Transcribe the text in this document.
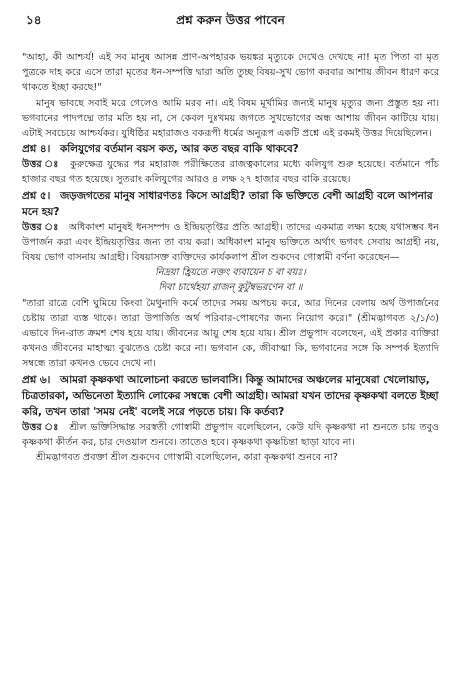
১৪	প্রশ্ন করুন উত্তর পাবেন

"আহা, কী আশ্চর্য! এই সব মানুষ আসন্ন প্রাণ-অপহারক ভয়ঙ্কর মৃত্যুকে দেখেও দেখছে না! মৃত পিতা বা মৃত পুত্রকে দাহ করে এসে তারা মৃতের ধন-সম্পত্তি দ্বারা অতি তুচ্ছ বিষয়-সুখ ভোগ করবার আশায় জীবন ধারণ করে থাকতে ইচ্ছা করছে!"

মানুষ ভাবছে সবাই মরে গেলেও আমি মরব না। এই বিষম মূর্খামির জন্যই মানুষ মৃত্যুর জন্য প্রস্তুত হয় না। ভগবানের পাদপদ্মে তার মতি হয় না, সে কেবল দুঃখময় জগতে সুখভোগের অন্ধ আশায় জীবন কাটিয়ে যায়। এটাই সবচেয়ে আশ্চর্যকর। যুধিষ্ঠির মহারাজও বকরূপী ধর্মের অনুরূপ একটি প্রশ্নে এই রকমই উত্তর দিয়েছিলেন।

প্রশ্ন ৪। কলিযুগের বর্তমান বয়স কত, আর কত বছর বাকি থাকবে?

উত্তর ঃ কুরুক্ষেত্র যুদ্ধের পর মহারাজ পরীক্ষিতের রাজত্বকালের মধ্যে কলিযুগ শুরু হয়েছে। বর্তমানে পাঁচ হাজার বছর গত হয়েছে। সুতরাং কলিযুগের আরও ৪ লক্ষ ২৭ হাজার বছর বাকি রয়েছে।

প্রশ্ন ৫। জড়জগতের মানুষ সাধারণতঃ কিসে আগ্রহী? তারা কি ভক্তিতে বেশী আগ্রহী বলে আপনার মনে হয়?

উত্তর ঃ অধিকাংশ মানুষই ধনসম্পদ ও ইন্দ্রিয়তৃপ্তির প্রতি আগ্রহী। তাদের একমাত্র লক্ষ্য হচ্ছে যথাসম্ভব ধন উপার্জন করা এবং ইন্দ্রিয়তৃপ্তির জন্য তা ব্যয় করা। অধিকাংশ মানুষ ভক্তিতে অর্থাৎ ভগবৎ সেবায় আগ্রহী নয়, বিষয় ভোগ বাসনায় আগ্রহী। বিষয়াসক্ত ব্যক্তিদের কার্যকলাপ শ্রীল শুকদেব গোস্বামী বর্ণনা করেছেন—

নিদ্রয়া হ্রিয়তে নক্তং ব্যবায়েন চ বা বয়ঃ।

দিবা চার্থেহয়া রাজন্ কুটুম্বভরণেন বা ॥

"তারা রাত্রে বেশি ঘুমিয়ে কিংবা মৈথুনাদি কর্মে তাদের সময় অপচয় করে, আর দিনের বেলায় অর্থ উপার্জনের চেষ্টায় তারা ব্যস্ত থাকে। তারা উপার্জিত অর্থ পরিবার-পোষণের জন্য নিয়োগ করে।" (শ্রীমদ্ভাগবত ২/১/৩) এভাবে দিন-রাত ক্রমশ শেষ হয়ে যায়। জীবনের আয়ু শেষ হয়ে যায়। শ্রীল প্রভুপাদ বলেছেন, এই প্রকার ব্যক্তিরা কখনও জীবনের মাহাত্ম্য বুঝতেও চেষ্টা করে না। ভগবান কে, জীবাত্মা কি, ভগবানের সঙ্গে কি সম্পর্ক ইত্যাদি সম্বন্ধে তারা কখনও ভেবে দেখে না।

প্রশ্ন ৬। আমরা কৃষ্ণকথা আলোচনা করতে ভালবাসি। কিন্তু আমাদের অঞ্চলের মানুষেরা খেলোয়াড়, চিত্রতারকা, অভিনেতা ইত্যাদি লোকের সম্বন্ধে বেশী আগ্রহী। আমরা যখন তাদের কৃষ্ণকথা বলতে ইচ্ছা করি, তখন তারা 'সময় নেই' বলেই সরে পড়তে চায়। কি কর্তব্য?

উত্তর ঃ শ্রীল ভক্তিসিদ্ধান্ত সরস্বতী গোস্বামী প্রভুপাদ বলেছিলেন, কেউ যদি কৃষ্ণকথা না শুনতে চায় তবুও কৃষ্ণকথা কীর্তন কর, চার দেওয়াল শুনবে। তাতেও হবে। কৃষ্ণকথা কৃষ্ণচিন্তা ছাড়া যাবে না।

শ্রীমদ্ভাগবত প্রবক্তা শ্রীল শুকদেব গোস্বামী বলেছিলেন, কারা কৃষ্ণকথা শুনবে না?
